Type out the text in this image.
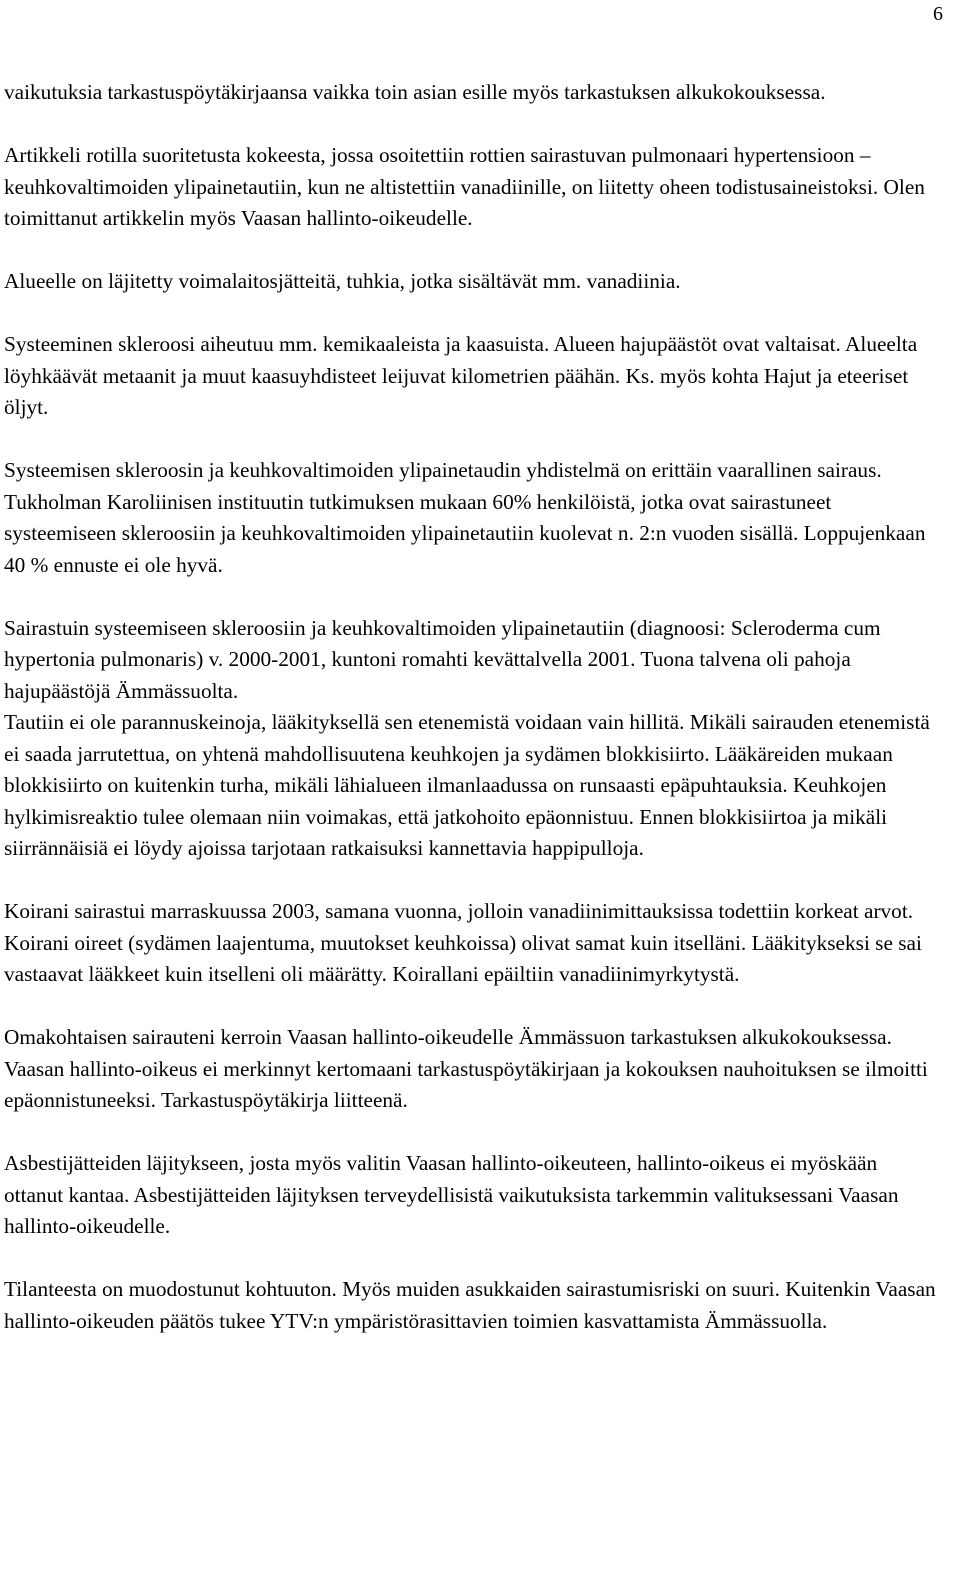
6

vaikutuksia tarkastuspöytäkirjaansa vaikka toin asian esille myös tarkastuksen alkukokouksessa.

Artikkeli rotilla suoritetusta kokeesta, jossa osoitettiin rottien sairastuvan pulmonaari hypertensioon – keuhkovaltimoiden ylipainetautiin, kun ne altistettiin vanadiinille, on liitetty oheen todistusaineistoksi. Olen toimittanut artikkelin myös Vaasan hallinto-oikeudelle.

Alueelle on läjitetty voimalaitosjätteitä, tuhkia, jotka sisältävät mm. vanadiinia.

Systeeminen skleroosi aiheutuu mm. kemikaaleista ja kaasuista. Alueen hajupäästöt ovat valtaisat. Alueelta löyhkäävät metaanit ja muut kaasuyhdisteet leijuvat kilometrien päähän. Ks. myös kohta Hajut ja eteeriset öljyt.

Systeemisen skleroosin ja keuhkovaltimoiden ylipainetaudin yhdistelmä on erittäin vaarallinen sairaus. Tukholman Karoliinisen instituutin tutkimuksen mukaan 60% henkilöistä, jotka ovat sairastuneet systeemiseen skleroosiin ja keuhkovaltimoiden ylipainetautiin kuolevat n. 2:n vuoden sisällä. Loppujenkaan 40 % ennuste ei ole hyvä.

Sairastuin systeemiseen skleroosiin ja keuhkovaltimoiden ylipainetautiin (diagnoosi: Scleroderma cum hypertonia pulmonaris) v. 2000-2001, kuntoni romahti kevättalvella 2001. Tuona talvena oli pahoja hajupäästöjä Ämmässuolta.

Tautiin ei ole parannuskeinoja, lääkityksellä sen etenemistä voidaan vain hillitä. Mikäli sairauden etenemistä ei saada jarrutettua, on yhtenä mahdollisuutena keuhkojen ja sydämen blokkisiirto. Lääkäreiden mukaan blokkisiirto on kuitenkin turha, mikäli lähialueen ilmanlaadussa on runsaasti epäpuhtauksia. Keuhkojen hylkimisreaktio tulee olemaan niin voimakas, että jatkohoito epäonnistuu. Ennen blokkisiirtoa ja mikäli siirrännäisiä ei löydy ajoissa tarjotaan ratkaisuksi kannettavia happipulloja.

Koirani sairastui marraskuussa 2003, samana vuonna, jolloin vanadiinimittauksissa todettiin korkeat arvot. Koirani oireet (sydämen laajentuma, muutokset keuhkoissa) olivat samat kuin itselläni. Lääkitykseksi se sai vastaavat lääkkeet kuin itselleni oli määrätty. Koirallani epäiltiin vanadiinimyrkytystä.

Omakohtaisen sairauteni kerroin Vaasan hallinto-oikeudelle Ämmässuon tarkastuksen alkukokouksessa. Vaasan hallinto-oikeus ei merkinnyt kertomaani tarkastuspöytäkirjaan ja kokouksen nauhoituksen se ilmoitti epäonnistuneeksi. Tarkastuspöytäkirja liitteenä.

Asbestijätteiden läjitykseen, josta myös valitin Vaasan hallinto-oikeuteen, hallinto-oikeus ei myöskään ottanut kantaa. Asbestijätteiden läjityksen terveydellisistä vaikutuksista tarkemmin valituksessani Vaasan hallinto-oikeudelle.

Tilanteesta on muodostunut kohtuuton. Myös muiden asukkaiden sairastumisriski on suuri. Kuitenkin Vaasan hallinto-oikeuden päätös tukee YTV:n ympäristörasittavien toimien kasvattamista Ämmässuolla.
